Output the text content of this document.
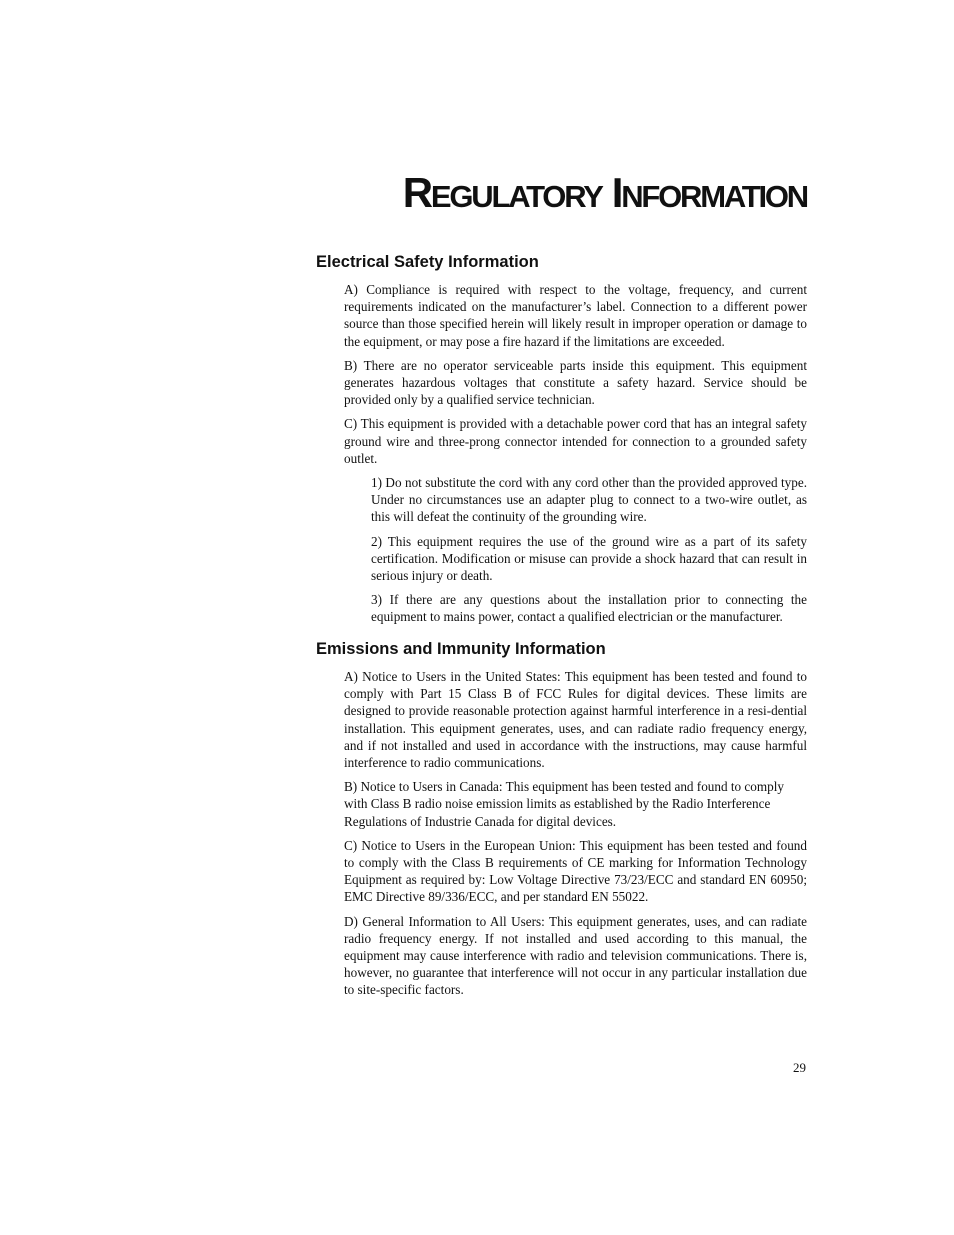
REGULATORY INFORMATION
Electrical Safety Information

A) Compliance is required with respect to the voltage, frequency, and current requirements indicated on the manufacturer’s label. Connection to a different power source than those specified herein will likely result in improper operation or damage to the equipment, or may pose a fire hazard if the limitations are exceeded.

B) There are no operator serviceable parts inside this equipment. This equipment generates hazardous voltages that constitute a safety hazard. Service should be provided only by a qualified service technician.

C) This equipment is provided with a detachable power cord that has an integral safety ground wire and three-prong connector intended for connection to a grounded safety outlet.

1) Do not substitute the cord with any cord other than the provided approved type. Under no circumstances use an adapter plug to connect to a two-wire outlet, as this will defeat the continuity of the grounding wire.

2) This equipment requires the use of the ground wire as a part of its safety certification. Modification or misuse can provide a shock hazard that can result in serious injury or death.

3) If there are any questions about the installation prior to connecting the equipment to mains power, contact a qualified electrician or the manufacturer.

Emissions and Immunity Information

A) Notice to Users in the United States: This equipment has been tested and found to comply with Part 15 Class B of FCC Rules for digital devices. These limits are designed to provide reasonable protection against harmful interference in a resi-dential installation. This equipment generates, uses, and can radiate radio frequency energy, and if not installed and used in accordance with the instructions, may cause harmful interference to radio communications.

B) Notice to Users in Canada: This equipment has been tested and found to comply with Class B radio noise emission limits as established by the Radio Interference Regulations of Industrie Canada for digital devices.

C) Notice to Users in the European Union: This equipment has been tested and found to comply with the Class B requirements of CE marking for Information Technology Equipment as required by: Low Voltage Directive 73/23/ECC and standard EN 60950; EMC Directive 89/336/ECC, and per standard EN 55022.

D) General Information to All Users: This equipment generates, uses, and can radiate radio frequency energy. If not installed and used according to this manual, the equipment may cause interference with radio and television communications. There is, however, no guarantee that interference will not occur in any particular installation due to site-specific factors.

29
